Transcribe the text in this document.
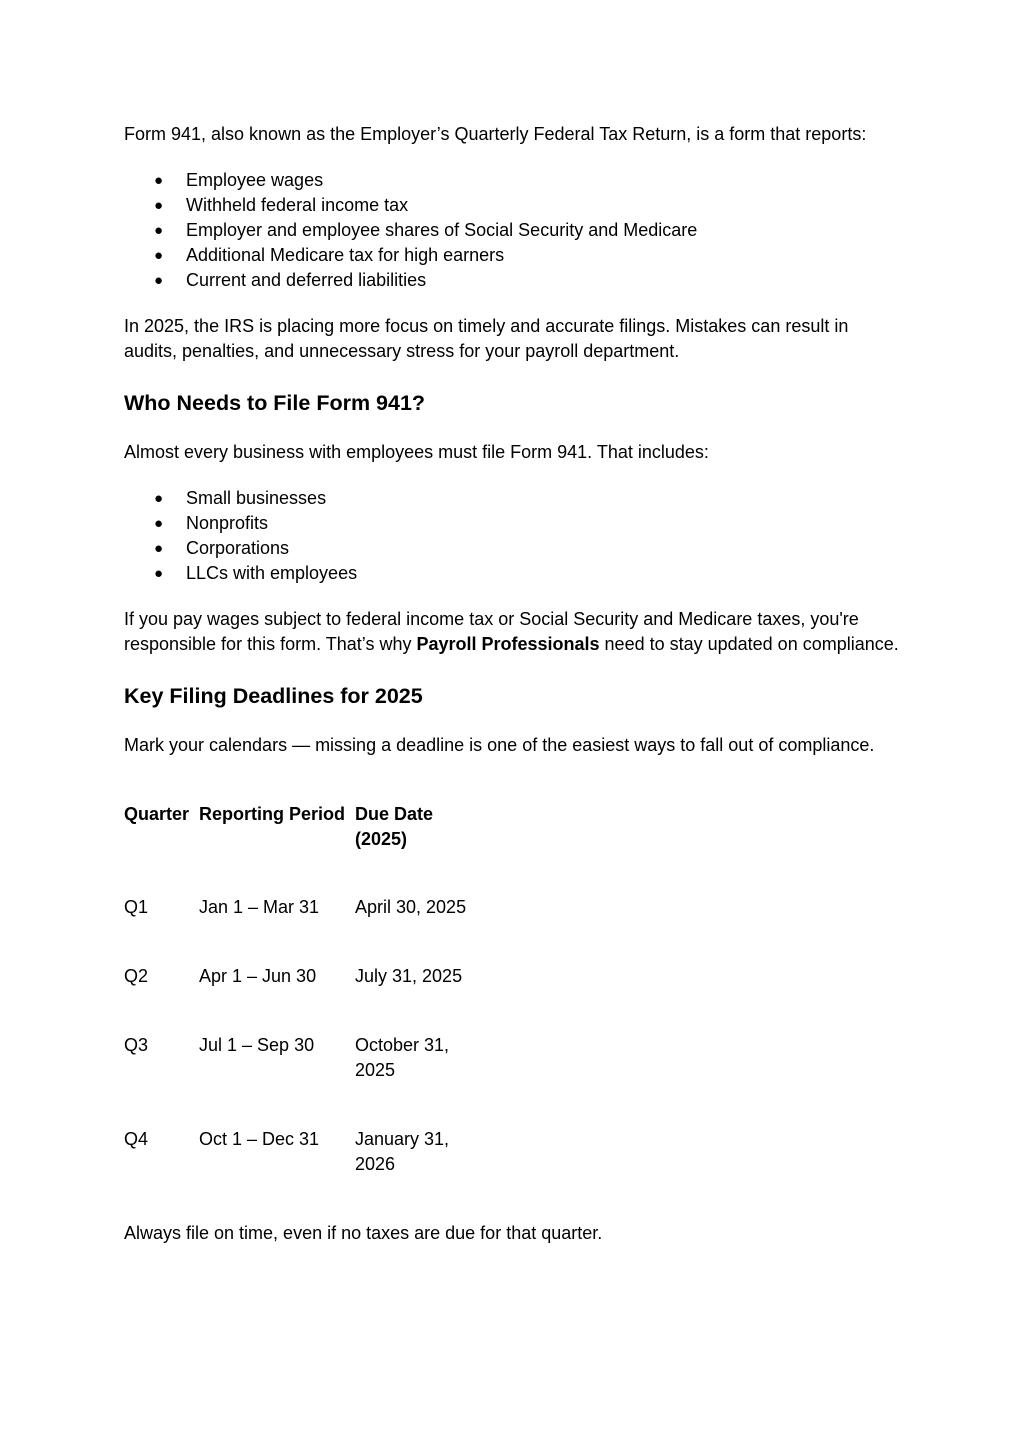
Form 941, also known as the Employer’s Quarterly Federal Tax Return, is a form that reports:

● Employee wages
● Withheld federal income tax
● Employer and employee shares of Social Security and Medicare
● Additional Medicare tax for high earners
● Current and deferred liabilities

In 2025, the IRS is placing more focus on timely and accurate filings. Mistakes can result in audits, penalties, and unnecessary stress for your payroll department.

Who Needs to File Form 941?

Almost every business with employees must file Form 941. That includes:

● Small businesses
● Nonprofits
● Corporations
● LLCs with employees

If you pay wages subject to federal income tax or Social Security and Medicare taxes, you're responsible for this form. That’s why Payroll Professionals need to stay updated on compliance.

Key Filing Deadlines for 2025

Mark your calendars — missing a deadline is one of the easiest ways to fall out of compliance.

Quarter	Reporting Period	Due Date (2025)
Q1	Jan 1 – Mar 31	April 30, 2025
Q2	Apr 1 – Jun 30	July 31, 2025
Q3	Jul 1 – Sep 30	October 31, 2025
Q4	Oct 1 – Dec 31	January 31, 2026

Always file on time, even if no taxes are due for that quarter.
